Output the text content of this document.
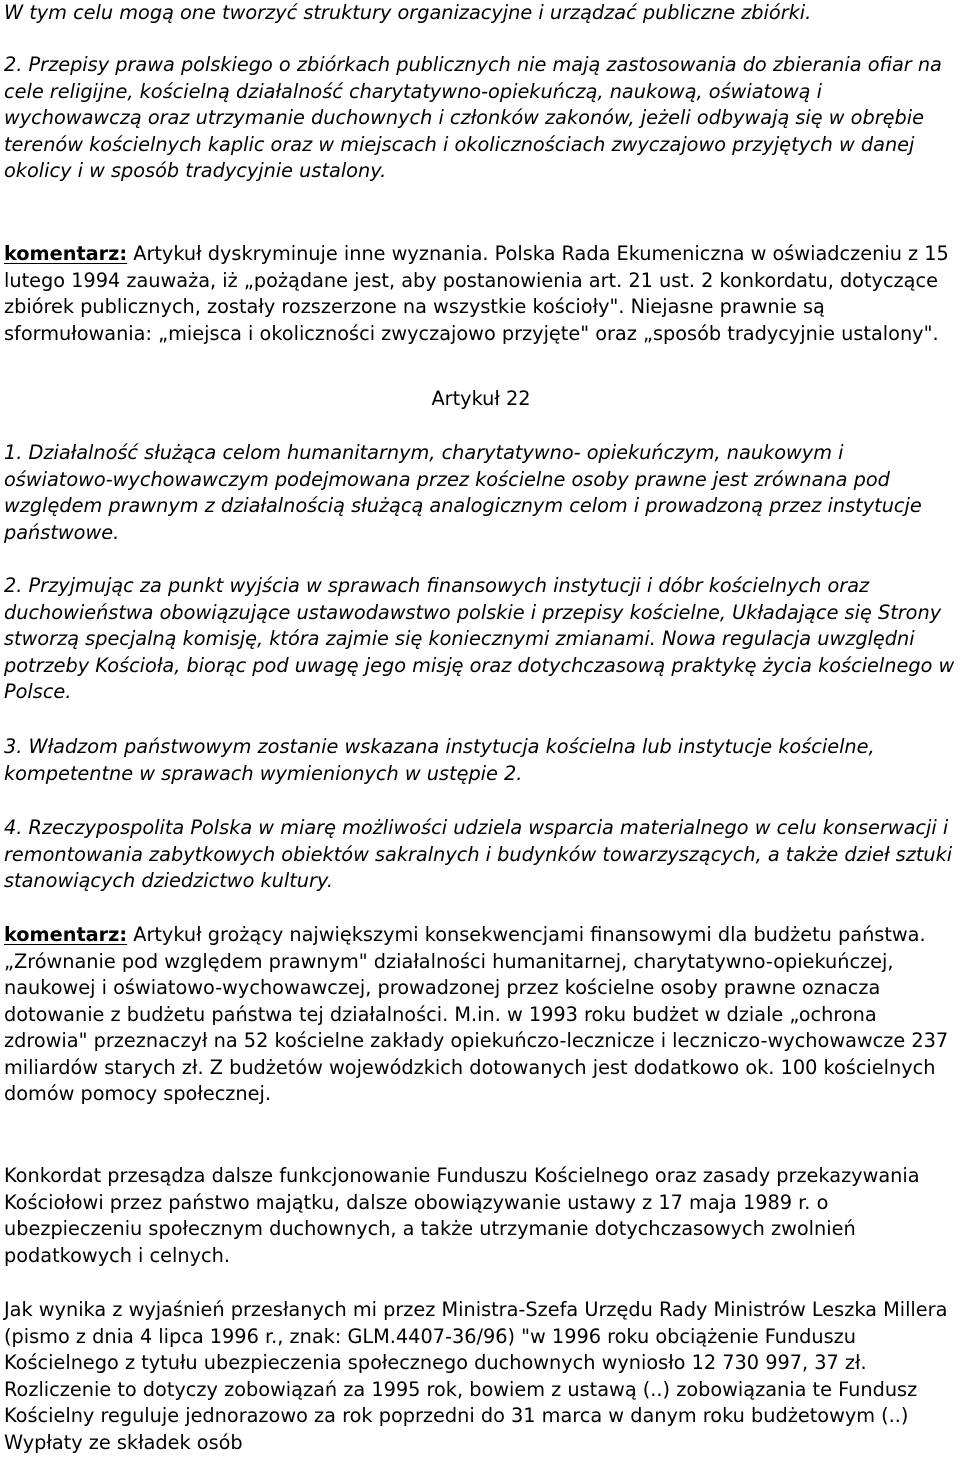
W tym celu mogą one tworzyć struktury organizacyjne i urządzać publiczne zbiórki.

2. Przepisy prawa polskiego o zbiórkach publicznych nie mają zastosowania do zbierania ofiar na cele religijne, kościelną działalność charytatywno-opiekuńczą, naukową, oświatową i wychowawczą oraz utrzymanie duchownych i członków zakonów, jeżeli odbywają się w obrębie terenów kościelnych kaplic oraz w miejscach i okolicznościach zwyczajowo przyjętych w danej okolicy i w sposób tradycyjnie ustalony.

komentarz: Artykuł dyskryminuje inne wyznania. Polska Rada Ekumeniczna w oświadczeniu z 15 lutego 1994 zauważa, iż „pożądane jest, aby postanowienia art. 21 ust. 2 konkordatu, dotyczące zbiórek publicznych, zostały rozszerzone na wszystkie kościoły". Niejasne prawnie są sformułowania: „miejsca i okoliczności zwyczajowo przyjęte" oraz „sposób tradycyjnie ustalony".

Artykuł 22

1. Działalność służąca celom humanitarnym, charytatywno- opiekuńczym, naukowym i oświatowo-wychowawczym podejmowana przez kościelne osoby prawne jest zrównana pod względem prawnym z działalnością służącą analogicznym celom i prowadzoną przez instytucje państwowe.

2. Przyjmując za punkt wyjścia w sprawach finansowych instytucji i dóbr kościelnych oraz duchowieństwa obowiązujące ustawodawstwo polskie i przepisy kościelne, Układające się Strony stworzą specjalną komisję, która zajmie się koniecznymi zmianami. Nowa regulacja uwzględni potrzeby Kościoła, biorąc pod uwagę jego misję oraz dotychczasową praktykę życia kościelnego w Polsce.

3. Władzom państwowym zostanie wskazana instytucja kościelna lub instytucje kościelne, kompetentne w sprawach wymienionych w ustępie 2.

4. Rzeczypospolita Polska w miarę możliwości udziela wsparcia materialnego w celu konserwacji i remontowania zabytkowych obiektów sakralnych i budynków towarzyszących, a także dzieł sztuki stanowiących dziedzictwo kultury.

komentarz: Artykuł grożący największymi konsekwencjami finansowymi dla budżetu państwa. „Zrównanie pod względem prawnym" działalności humanitarnej, charytatywno-opiekuńczej, naukowej i oświatowo-wychowawczej, prowadzonej przez kościelne osoby prawne oznacza dotowanie z budżetu państwa tej działalności. M.in. w 1993 roku budżet w dziale „ochrona zdrowia" przeznaczył na 52 kościelne zakłady opiekuńczo-lecznicze i leczniczo-wychowawcze 237 miliardów starych zł. Z budżetów wojewódzkich dotowanych jest dodatkowo ok. 100 kościelnych domów pomocy społecznej.

Konkordat przesądza dalsze funkcjonowanie Funduszu Kościelnego oraz zasady przekazywania Kościołowi przez państwo majątku, dalsze obowiązywanie ustawy z 17 maja 1989 r. o ubezpieczeniu społecznym duchownych, a także utrzymanie dotychczasowych zwolnień podatkowych i celnych.

Jak wynika z wyjaśnień przesłanych mi przez Ministra-Szefa Urzędu Rady Ministrów Leszka Millera (pismo z dnia 4 lipca 1996 r., znak: GLM.4407-36/96) "w 1996 roku obciążenie Funduszu Kościelnego z tytułu ubezpieczenia społecznego duchownych wyniosło 12 730 997, 37 zł. Rozliczenie to dotyczy zobowiązań za 1995 rok, bowiem z ustawą (..) zobowiązania te Fundusz Kościelny reguluje jednorazowo za rok poprzedni do 31 marca w danym roku budżetowym (..) Wypłaty ze składek osób
